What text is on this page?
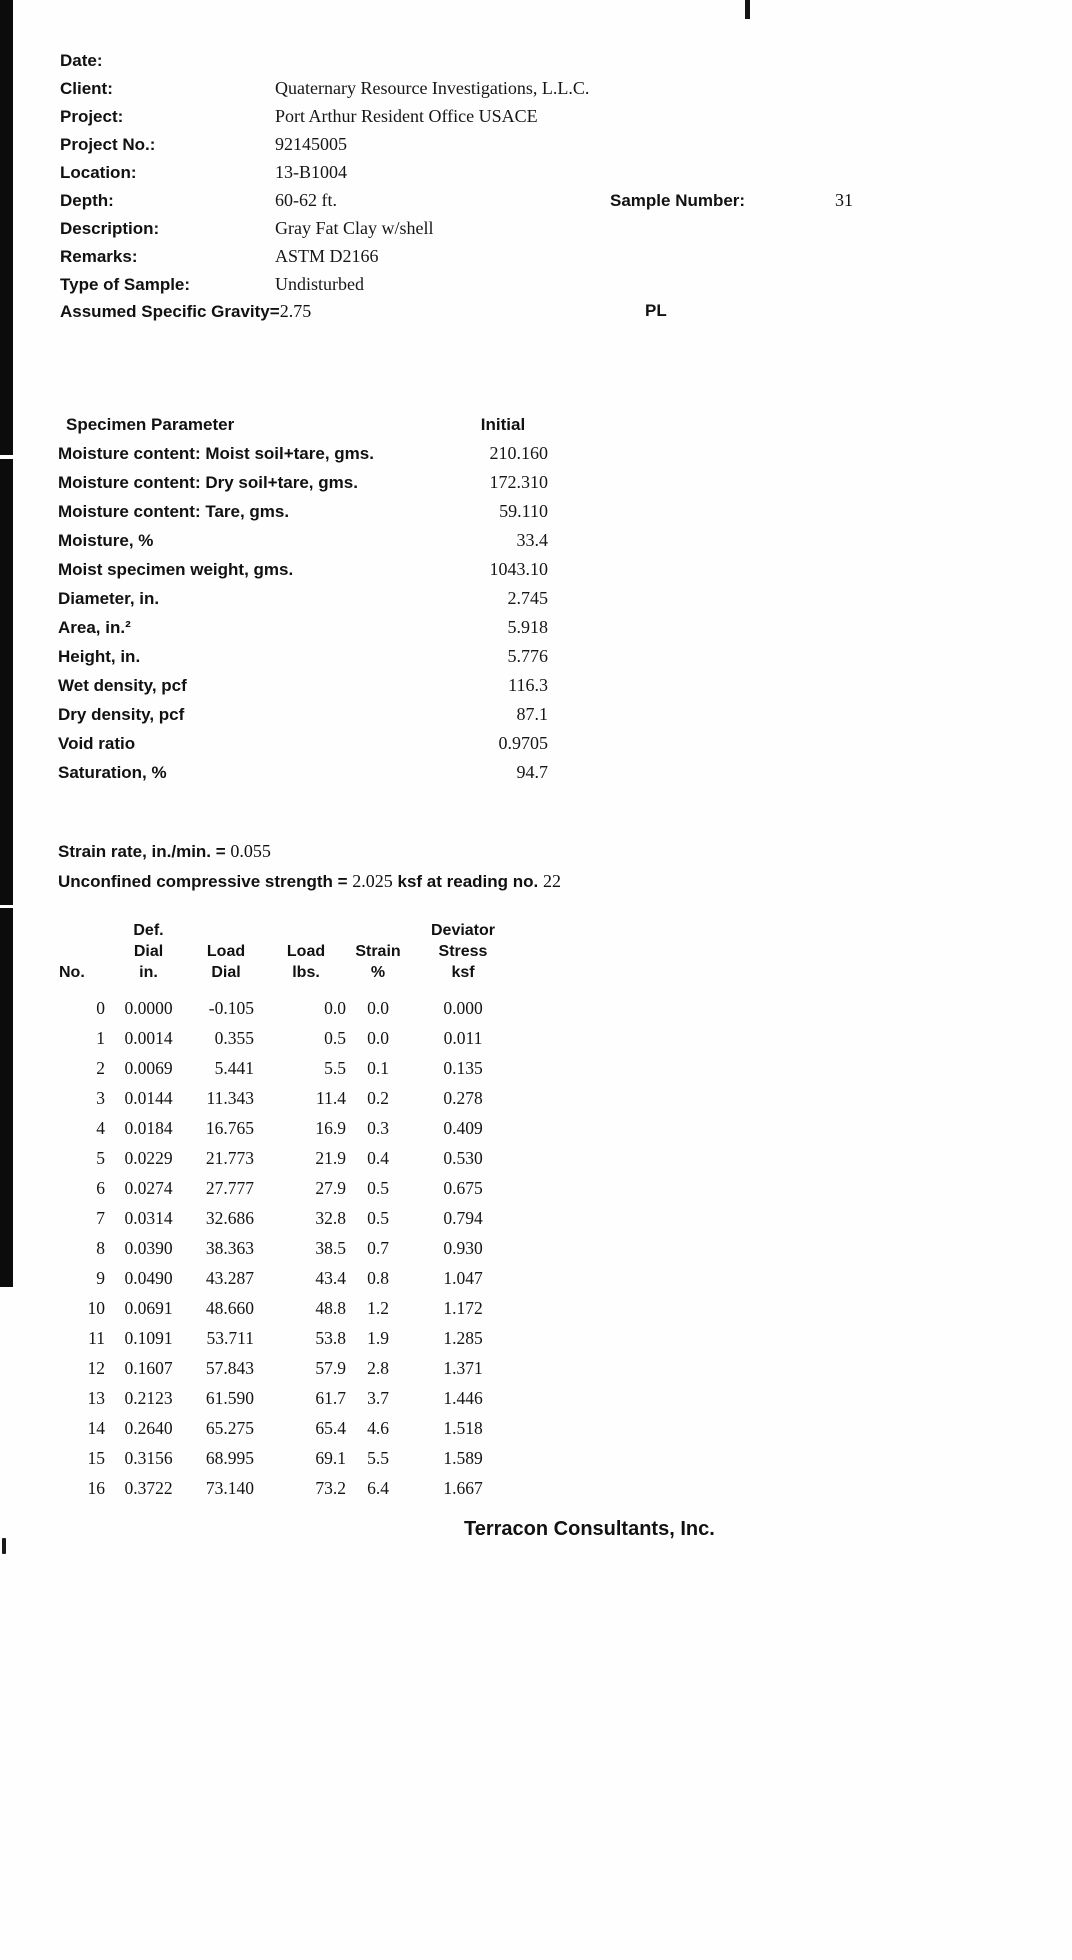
Date:
Client:	Quaternary Resource Investigations, L.L.C.
Project:	Port Arthur Resident Office USACE
Project No.:	92145005
Location:	13-B1004
Depth:	60-62 ft.	Sample Number:	31
Description:	Gray Fat Clay w/shell
Remarks:	ASTM D2166
Type of Sample:	Undisturbed
Assumed Specific Gravity=2.75	PL
Specimen Parameter	Initial
Moisture content: Moist soil+tare, gms.	210.160
Moisture content: Dry soil+tare, gms.	172.310
Moisture content: Tare, gms.	59.110
Moisture, %	33.4
Moist specimen weight, gms.	1043.10
Diameter, in.	2.745
Area, in.²	5.918
Height, in.	5.776
Wet density, pcf	116.3
Dry density, pcf	87.1
Void ratio	0.9705
Saturation, %	94.7
Strain rate, in./min. = 0.055
Unconfined compressive strength = 2.025 ksf at reading no. 22
	Def.				Deviator
	Dial	Load	Load	Strain	Stress
No.	in.	Dial	lbs.	%	ksf
0	0.0000	-0.105	0.0	0.0	0.000
1	0.0014	0.355	0.5	0.0	0.011
2	0.0069	5.441	5.5	0.1	0.135
3	0.0144	11.343	11.4	0.2	0.278
4	0.0184	16.765	16.9	0.3	0.409
5	0.0229	21.773	21.9	0.4	0.530
6	0.0274	27.777	27.9	0.5	0.675
7	0.0314	32.686	32.8	0.5	0.794
8	0.0390	38.363	38.5	0.7	0.930
9	0.0490	43.287	43.4	0.8	1.047
10	0.0691	48.660	48.8	1.2	1.172
11	0.1091	53.711	53.8	1.9	1.285
12	0.1607	57.843	57.9	2.8	1.371
13	0.2123	61.590	61.7	3.7	1.446
14	0.2640	65.275	65.4	4.6	1.518
15	0.3156	68.995	69.1	5.5	1.589
16	0.3722	73.140	73.2	6.4	1.667
Terracon Consultants, Inc.
